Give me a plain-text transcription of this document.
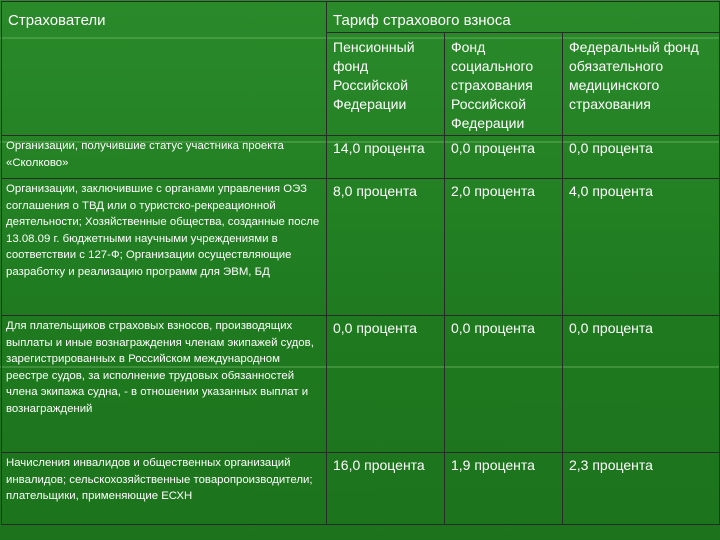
Страхователи	Тариф страхового взноса		
	Пенсионный фонд Российской Федерации	Фонд социального страхования Российской Федерации	Федеральный фонд обязательного медицинского страхования
Организации, получившие статус участника проекта «Сколково»	14,0 процента	0,0 процента	0,0 процента
Организации, заключившие с органами управления ОЭЗ соглашения о ТВД или о туристско-рекреационной деятельности; Хозяйственные общества, созданные после 13.08.09 г. бюджетными научными учреждениями в соответствии с 127-Ф; Организации осуществляющие разработку и реализацию программ для ЭВМ, БД	8,0 процента	2,0 процента	4,0 процента
Для плательщиков страховых взносов, производящих выплаты и иные вознаграждения членам экипажей судов, зарегистрированных в Российском международном реестре судов, за исполнение трудовых обязанностей члена экипажа судна, - в отношении указанных выплат и вознаграждений	0,0 процента	0,0 процента	0,0 процента
Начисления инвалидов и общественных организаций инвалидов; сельскохозяйственные товаропроизводители; плательщики, применяющие ЕСХН	16,0 процента	1,9 процента	2,3 процента
